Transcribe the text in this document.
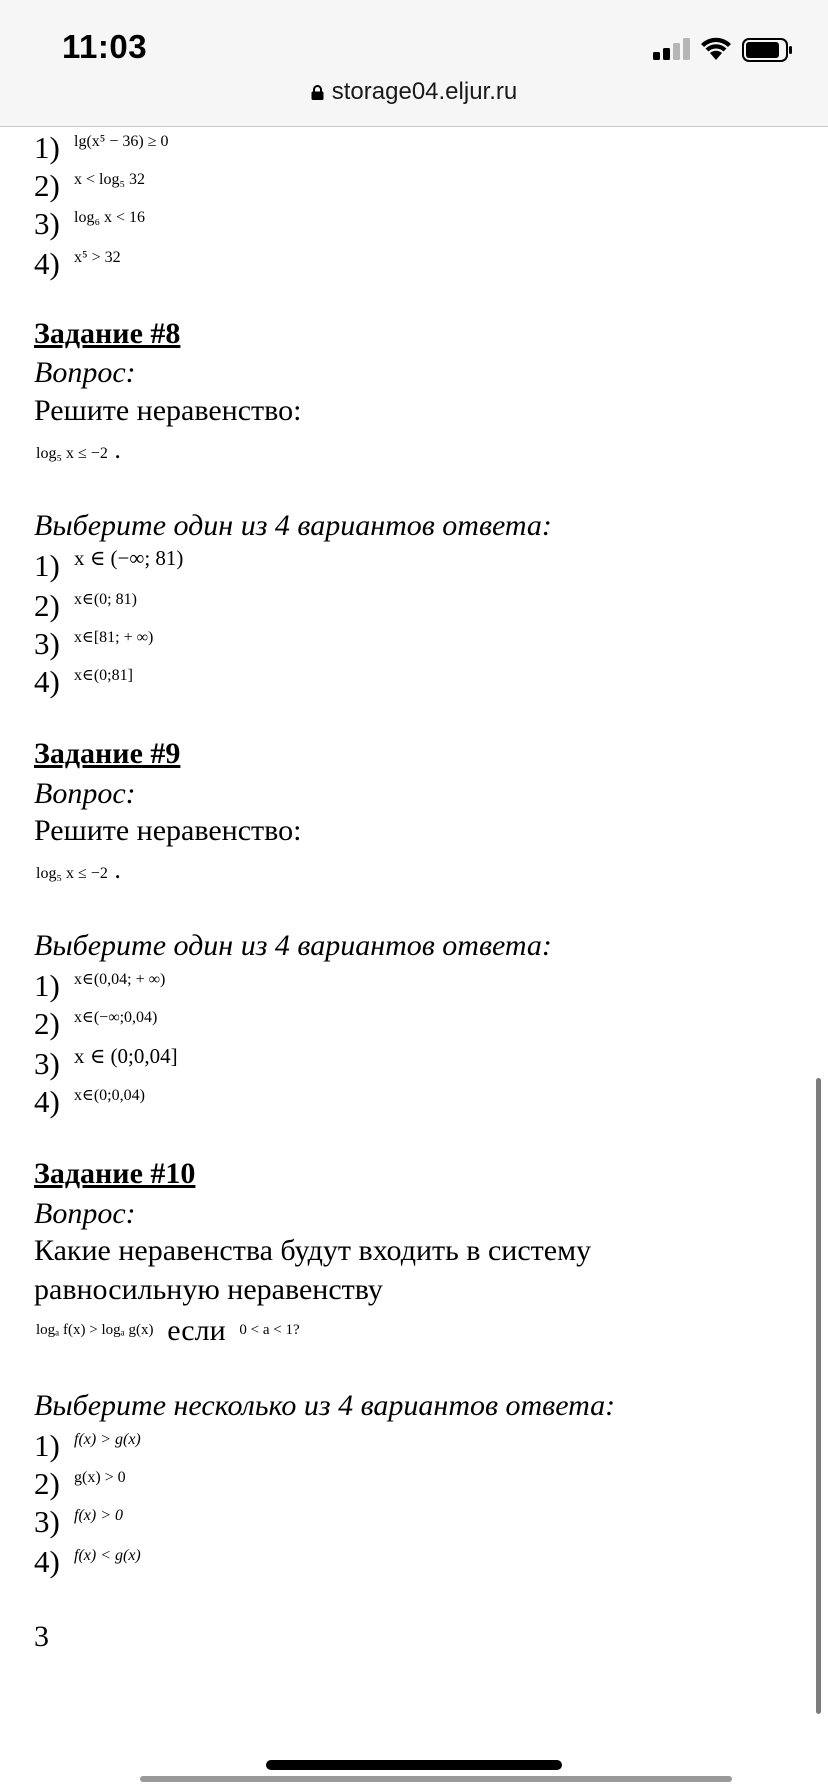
11:03
storage04.eljur.ru
1) lg(x⁵ − 36) ≥ 0
2) x < log₅ 32
3) log₆ x < 16
4) x⁵ > 32
Задание #8
Вопрос:
Решите неравенство:
log₅ x ≤ −2 .
Выберите один из 4 вариантов ответа:
1) x ∈ (−∞; 81)
2) x∈(0; 81)
3) x∈[81; + ∞)
4) x∈(0;81]
Задание #9
Вопрос:
Решите неравенство:
log₅ x ≤ −2 .
Выберите один из 4 вариантов ответа:
1) x∈(0,04; + ∞)
2) x∈(−∞;0,04)
3) x ∈ (0;0,04]
4) x∈(0;0,04)
Задание #10
Вопрос:
Какие неравенства будут входить в систему
равносильную неравенству
logₐ f(x) > logₐ g(x) если 0 < a < 1?
Выберите несколько из 4 вариантов ответа:
1) f(x) > g(x)
2) g(x) > 0
3) f(x) > 0
4) f(x) < g(x)
3
